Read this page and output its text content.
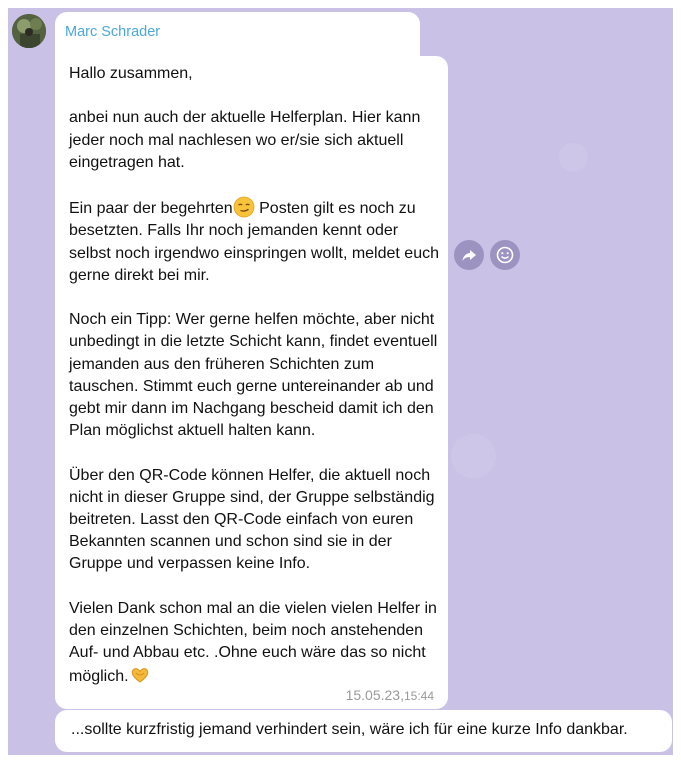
Marc Schrader
Hallo zusammen,

anbei nun auch der aktuelle Helferplan. Hier kann jeder noch mal nachlesen wo er/sie sich aktuell eingetragen hat.

Ein paar der begehrten Posten gilt es noch zu besetzten. Falls Ihr noch jemanden kennt oder selbst noch irgendwo einspringen wollt, meldet euch gerne direkt bei mir.

Noch ein Tipp: Wer gerne helfen möchte, aber nicht unbedingt in die letzte Schicht kann, findet eventuell jemanden aus den früheren Schichten zum tauschen. Stimmt euch gerne untereinander ab und gebt mir dann im Nachgang bescheid damit ich den Plan möglichst aktuell halten kann.

Über den QR-Code können Helfer, die aktuell noch nicht in dieser Gruppe sind, der Gruppe selbständig beitreten. Lasst den QR-Code einfach von euren Bekannten scannen und schon sind sie in der Gruppe und verpassen keine Info.

Vielen Dank schon mal an die vielen vielen Helfer in den einzelnen Schichten, beim noch anstehenden Auf- und Abbau etc. .Ohne euch wäre das so nicht möglich.
15.05.23,15:44
...sollte kurzfristig jemand verhindert sein, wäre ich für eine kurze Info dankbar.
